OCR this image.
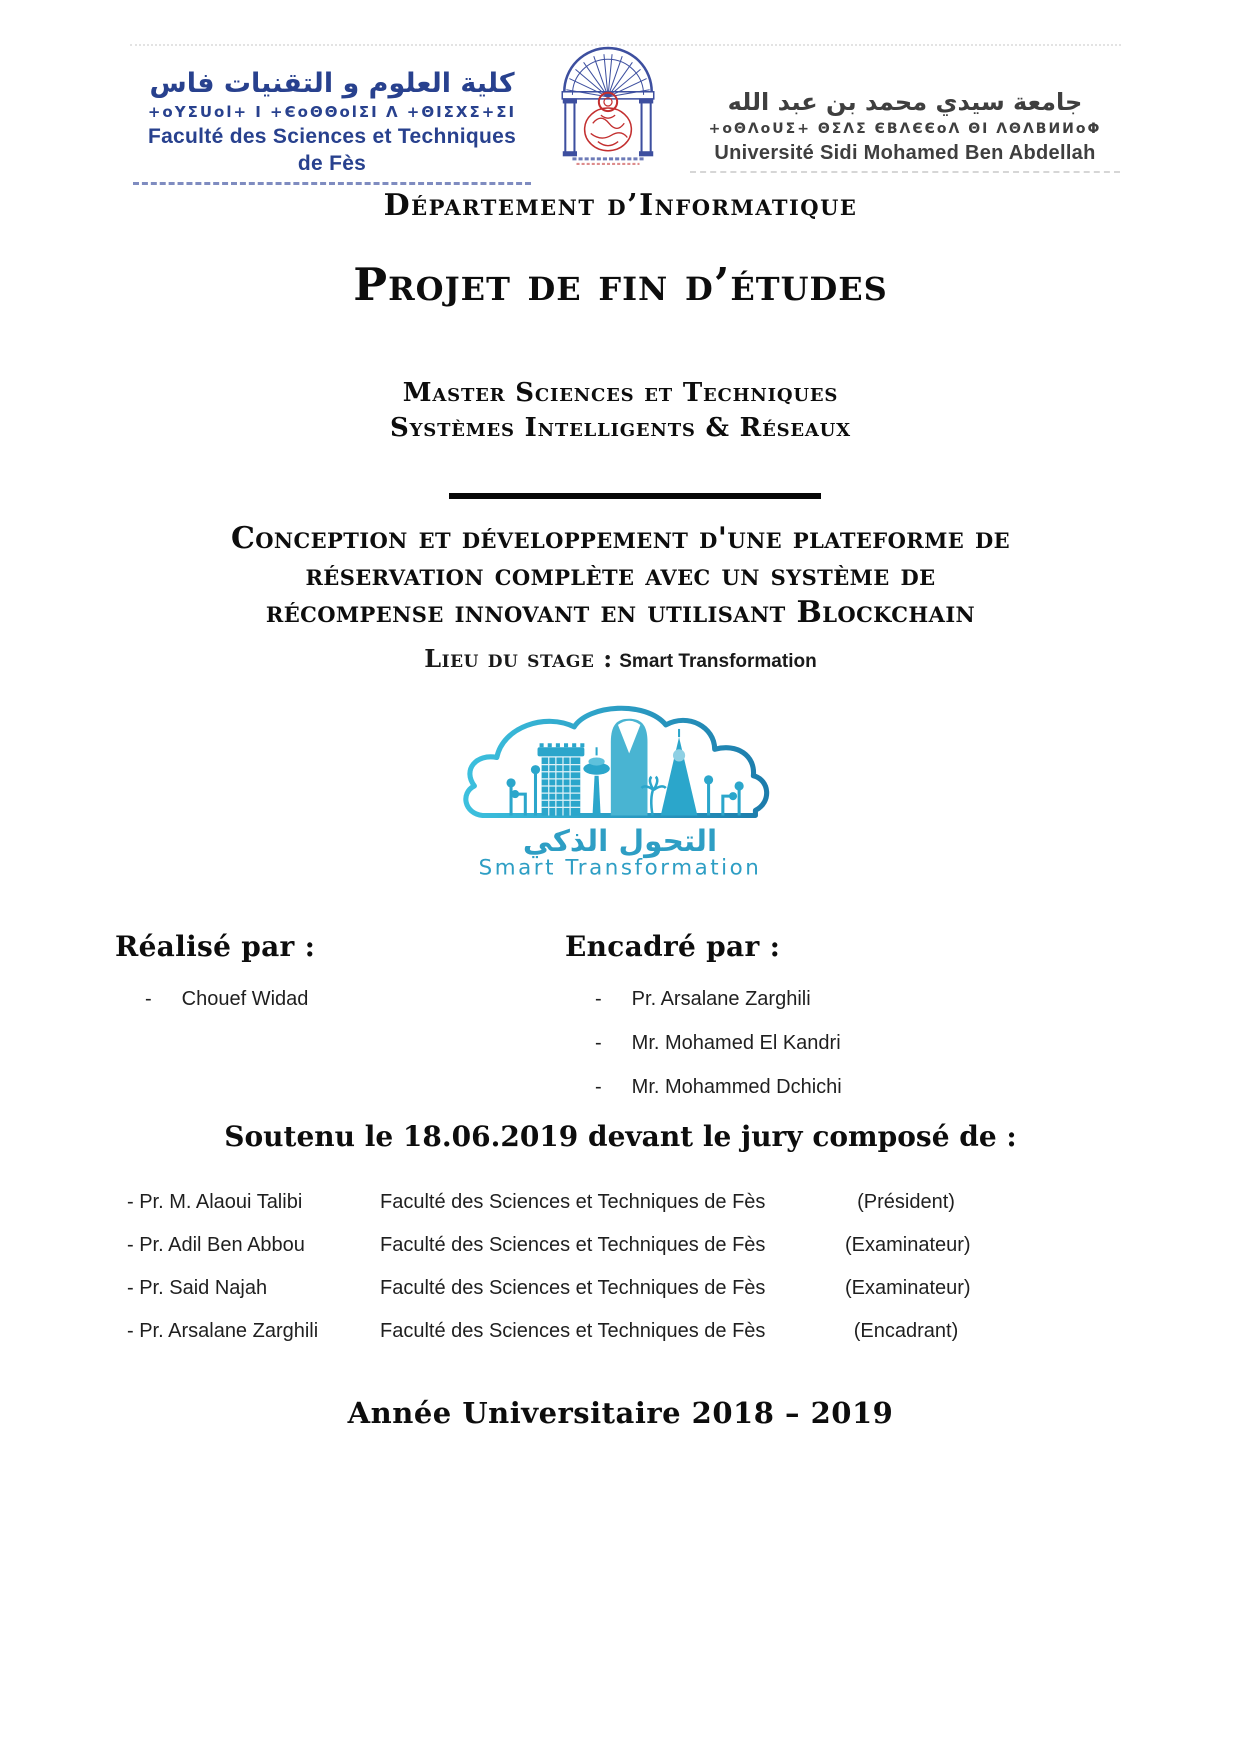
كلية العلوم و التقنيات فاس
+oYΣUol+ I +ЄoΘΘolΣI Λ +ΘIΣXΣ+ΣI
Faculté des Sciences et Techniques de Fès
جامعة سيدي محمد بن عبد الله
+oΘΛoUΣ+ ΘΣΛΣ ЄBΛЄЄoΛ ΘI ΛΘΛBИИoΦ
Université Sidi Mohamed Ben Abdellah
Département d’Informatique
Projet de fin d’études
Master Sciences et Techniques
Systèmes Intelligents & Réseaux
Conception et développement d'une plateforme de
réservation complète avec un système de
récompense innovant en utilisant Blockchain
Lieu du stage : Smart Transformation
التحول الذكي
Smart Transformation
Réalisé par :	Encadré par :
- Chouef Widad	- Pr. Arsalane Zarghili
- Mr. Mohamed El Kandri
- Mr. Mohammed Dchichi
Soutenu le 18.06.2019 devant le jury composé de :
- Pr. M. Alaoui Talibi	Faculté des Sciences et Techniques de Fès	(Président)
- Pr. Adil Ben Abbou	Faculté des Sciences et Techniques de Fès	(Examinateur)
- Pr. Said Najah	Faculté des Sciences et Techniques de Fès	(Examinateur)
- Pr. Arsalane Zarghili	Faculté des Sciences et Techniques de Fès	(Encadrant)
Année Universitaire 2018 – 2019
